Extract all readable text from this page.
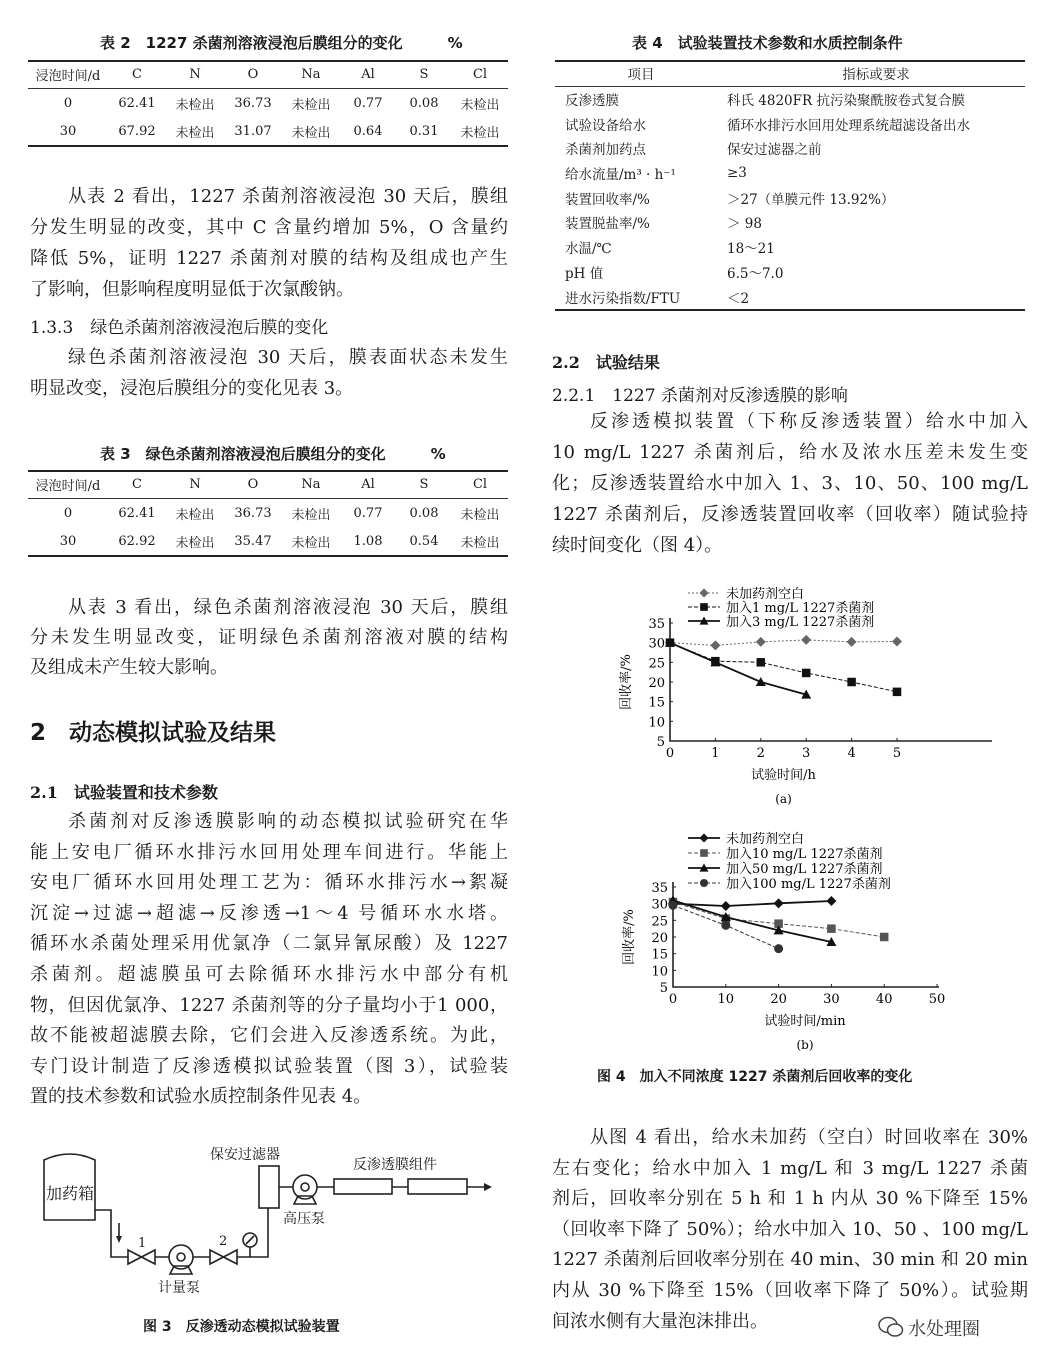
表 2　1227 杀菌剂溶液浸泡后膜组分的变化　　　%
浸泡时间/d	C	N	O	Na	Al	S	Cl
0	62.41	未检出	36.73	未检出	0.77	0.08	未检出
30	67.92	未检出	31.07	未检出	0.64	0.31	未检出
从表 2 看出，1227 杀菌剂溶液浸泡 30 天后，膜组
分发生明显的改变，其中 C 含量约增加 5%，O 含量约
降低 5%，证明 1227 杀菌剂对膜的结构及组成也产生
了影响，但影响程度明显低于次氯酸钠。
1.3.3　绿色杀菌剂溶液浸泡后膜的变化
绿色杀菌剂溶液浸泡 30 天后，膜表面状态未发生
明显改变，浸泡后膜组分的变化见表 3。
表 3　绿色杀菌剂溶液浸泡后膜组分的变化　　　%
浸泡时间/d	C	N	O	Na	Al	S	Cl
0	62.41	未检出	36.73	未检出	0.77	0.08	未检出
30	62.92	未检出	35.47	未检出	1.08	0.54	未检出
从表 3 看出，绿色杀菌剂溶液浸泡 30 天后，膜组
分未发生明显改变，证明绿色杀菌剂溶液对膜的结构
及组成未产生较大影响。
2　动态模拟试验及结果
2.1　试验装置和技术参数
杀菌剂对反渗透膜影响的动态模拟试验研究在华
能上安电厂循环水排污水回用处理车间进行。华能上
安电厂循环水回用处理工艺为：循环水排污水→絮凝
沉淀→过滤→超滤→反渗透→1～4 号循环水水塔。
循环水杀菌处理采用优氯净（二氯异氰尿酸）及 1227
杀菌剂。超滤膜虽可去除循环水排污水中部分有机
物，但因优氯净、1227 杀菌剂等的分子量均小于1 000，
故不能被超滤膜去除，它们会进入反渗透系统。为此，
专门设计制造了反渗透模拟试验装置（图 3），试验装
置的技术参数和试验水质控制条件见表 4。
加药箱
保安过滤器
反渗透膜组件
高压泵
计量泵
1	2
图 3　反渗透动态模拟试验装置
表 4　试验装置技术参数和水质控制条件
项目	指标或要求
反渗透膜	科氏 4820FR 抗污染聚酰胺卷式复合膜
试验设备给水	循环水排污水回用处理系统超滤设备出水
杀菌剂加药点	保安过滤器之前
给水流量/m³ · h⁻¹	≥3
装置回收率/%	＞27（单膜元件 13.92%）
装置脱盐率/%	＞ 98
水温/℃	18～21
pH 值	6.5～7.0
进水污染指数/FTU	＜2
2.2　试验结果
2.2.1　1227 杀菌剂对反渗透膜的影响
反渗透模拟装置（下称反渗透装置）给水中加入
10 mg/L 1227 杀菌剂后，给水及浓水压差未发生变
化；反渗透装置给水中加入 1、3、10、50、100 mg/L
1227 杀菌剂后，反渗透装置回收率（回收率）随试验持
续时间变化（图 4）。
0	1	2	3	4	5
5
10
15
20
25
30
35
回收率/%
试验时间/h
(a)
未加药剂空白
加入1 mg/L 1227杀菌剂
加入3 mg/L 1227杀菌剂
0	10	20	30	40	50
5
10
15
20
25
30
35
回收率/%
试验时间/min
(b)
未加药剂空白
加入10 mg/L 1227杀菌剂
加入50 mg/L 1227杀菌剂
加入100 mg/L 1227杀菌剂
图 4　加入不同浓度 1227 杀菌剂后回收率的变化
从图 4 看出，给水未加药（空白）时回收率在 30%
左右变化；给水中加入 1 mg/L 和 3 mg/L 1227 杀菌
剂后，回收率分别在 5 h 和 1 h 内从 30 %下降至 15%
（回收率下降了 50%）；给水中加入 10、50 、100 mg/L
1227 杀菌剂后回收率分别在 40 min、30 min 和 20 min
内从 30 %下降至 15%（回收率下降了 50%）。试验期
间浓水侧有大量泡沫排出。	水处理圈
